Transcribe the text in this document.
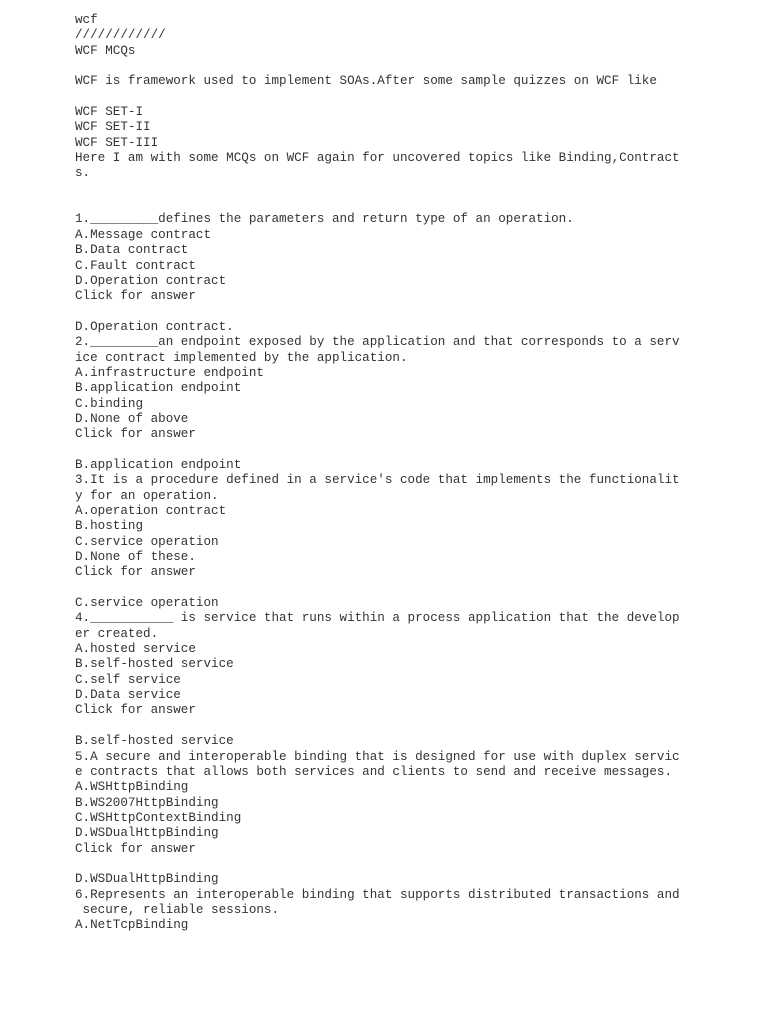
wcf
////////////
WCF MCQs
WCF is framework used to implement SOAs.After some sample quizzes on WCF like
WCF SET-I
WCF SET-II
WCF SET-III
Here I am with some MCQs on WCF again for uncovered topics like Binding,Contract
s.
1._________defines the parameters and return type of an operation.
A.Message contract
B.Data contract
C.Fault contract
D.Operation contract
Click for answer
D.Operation contract.
2._________an endpoint exposed by the application and that corresponds to a serv
ice contract implemented by the application.
A.infrastructure endpoint
B.application endpoint
C.binding
D.None of above
Click for answer
B.application endpoint
3.It is a procedure defined in a service's code that implements the functionalit
y for an operation.
A.operation contract
B.hosting
C.service operation
D.None of these.
Click for answer
C.service operation
4.___________ is service that runs within a process application that the develop
er created.
A.hosted service
B.self-hosted service
C.self service
D.Data service
Click for answer
B.self-hosted service
5.A secure and interoperable binding that is designed for use with duplex servic
e contracts that allows both services and clients to send and receive messages.
A.WSHttpBinding
B.WS2007HttpBinding
C.WSHttpContextBinding
D.WSDualHttpBinding
Click for answer
D.WSDualHttpBinding
6.Represents an interoperable binding that supports distributed transactions and
secure, reliable sessions.
A.NetTcpBinding
